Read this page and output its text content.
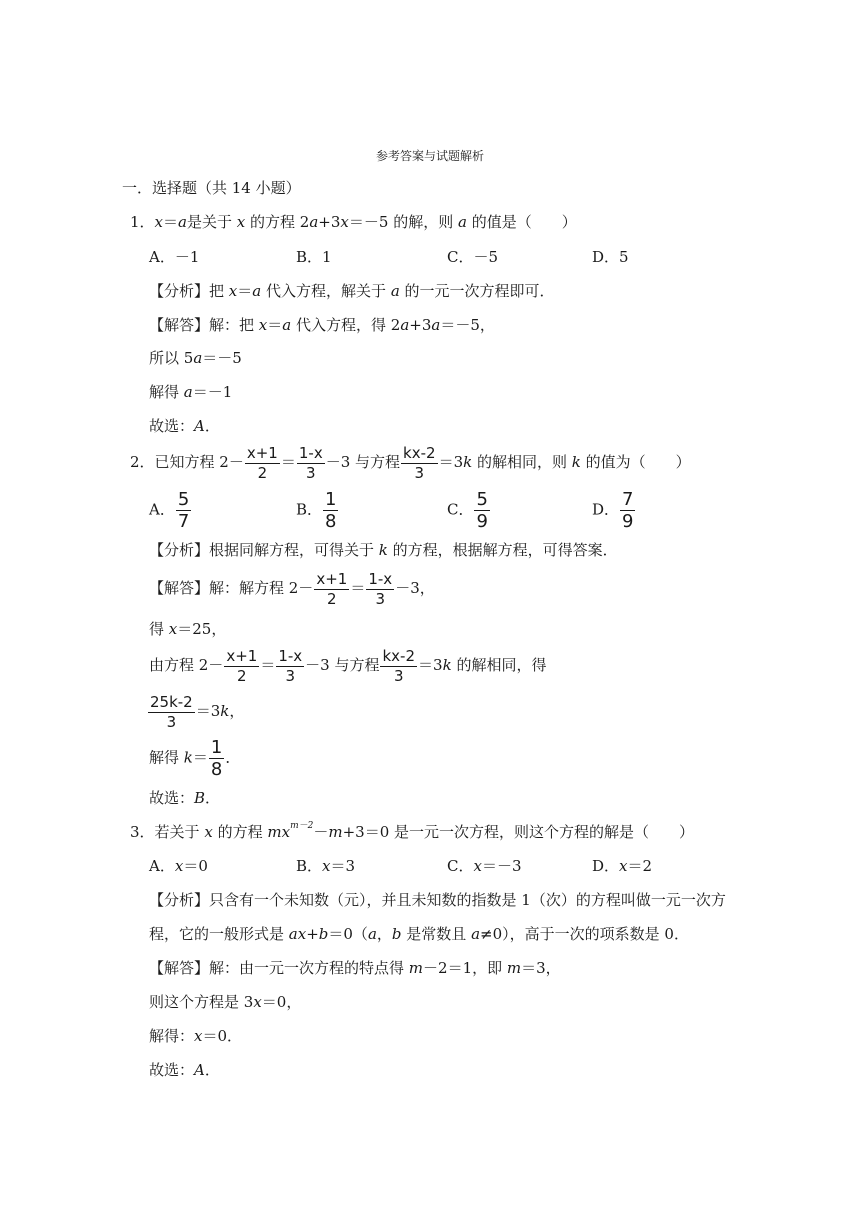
参考答案与试题解析
一．选择题（共 14 小题）
1．x＝a是关于 x 的方程 2a+3x＝－5 的解，则 a 的值是（　　）
A．－1	B．1	C．－5	D．5
【分析】把 x＝a 代入方程，解关于 a 的一元一次方程即可．
【解答】解：把 x＝a 代入方程，得 2a+3a＝－5，
所以 5a＝－5
解得 a＝－1
故选：A．
2．已知方程 $2- \frac{x+1}{2} = \frac{1-x}{3} -3$ 与方程 $\frac{kx-2}{3} =3k$ 的解相同，则 k 的值为（　　）
A． $\frac{5}{7}$	B． $\frac{1}{8}$	C． $\frac{5}{9}$	D． $\frac{7}{9}$
【分析】根据同解方程，可得关于 k 的方程，根据解方程，可得答案．
【解答】解：解方程 $2- \frac{x+1}{2} = \frac{1-x}{3} -3$，
得 x＝25，
由方程 $2- \frac{x+1}{2} = \frac{1-x}{3} -3$ 与方程 $\frac{kx-2}{3} =3k$ 的解相同，得
$\frac{25k-2}{3} =3k$，
解得 $k= \frac{1}{8}$ ．
故选：B．
3．若关于 x 的方程 $mx^{m-2}-m+3=0$ 是一元一次方程，则这个方程的解是（　　）
A．x＝0	B．x＝3	C．x＝－3	D．x＝2
【分析】只含有一个未知数（元），并且未知数的指数是 1（次）的方程叫做一元一次方
程，它的一般形式是 ax+b＝0（a，b 是常数且 a≠0），高于一次的项系数是 0．
【解答】解：由一元一次方程的特点得 m－2＝1，即 m＝3，
则这个方程是 3x＝0，
解得：x＝0．
故选：A．
